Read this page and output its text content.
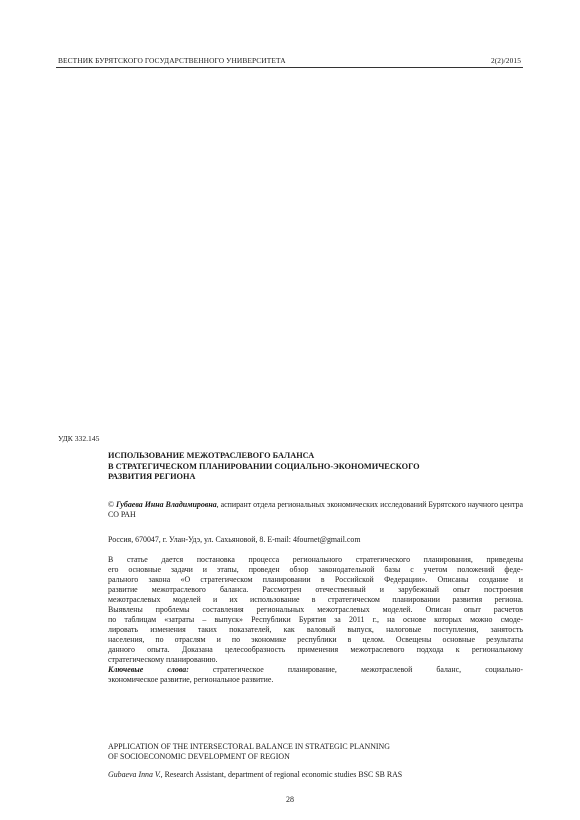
ВЕСТНИК БУРЯТСКОГО ГОСУДАРСТВЕННОГО УНИВЕРСИТЕТА	2(2)/2015
УДК 332.145
ИСПОЛЬЗОВАНИЕ МЕЖОТРАСЛЕВОГО БАЛАНСА
В СТРАТЕГИЧЕСКОМ ПЛАНИРОВАНИИ СОЦИАЛЬНО-ЭКОНОМИЧЕСКОГО
РАЗВИТИЯ РЕГИОНА
© Губаева Инна Владимировна, аспирант отдела региональных экономических исследований Бурятского научного центра СО РАН
Россия, 670047, г. Улан-Удэ, ул. Сахьяновой, 8. E-mail: 4fournet@gmail.com
В статье дается постановка процесса регионального стратегического планирования, приведены
его основные задачи и этапы, проведен обзор законодательной базы с учетом положений феде-
рального закона «О стратегическом планировании в Российской Федерации». Описаны создание и
развитие межотраслевого баланса. Рассмотрен отечественный и зарубежный опыт построения
межотраслевых моделей и их использование в стратегическом планировании развития региона.
Выявлены проблемы составления региональных межотраслевых моделей. Описан опыт расчетов
по таблицам «затраты – выпуск» Республики Бурятия за 2011 г., на основе которых можно смоде-
лировать изменения таких показателей, как валовый выпуск, налоговые поступления, занятость
населения, по отраслям и по экономике республики в целом. Освещены основные результаты
данного опыта. Доказана целесообразность применения межотраслевого подхода к региональному
стратегическому планированию.
Ключевые слова: стратегическое планирование, межотраслевой баланс, социально-
экономическое развитие, региональное развитие.
APPLICATION OF THE INTERSECTORAL BALANCE IN STRATEGIC PLANNING
OF SOCIOECONOMIC DEVELOPMENT OF REGION
Gubaeva Inna V., Research Assistant, department of regional economic studies BSC SB RAS
28
